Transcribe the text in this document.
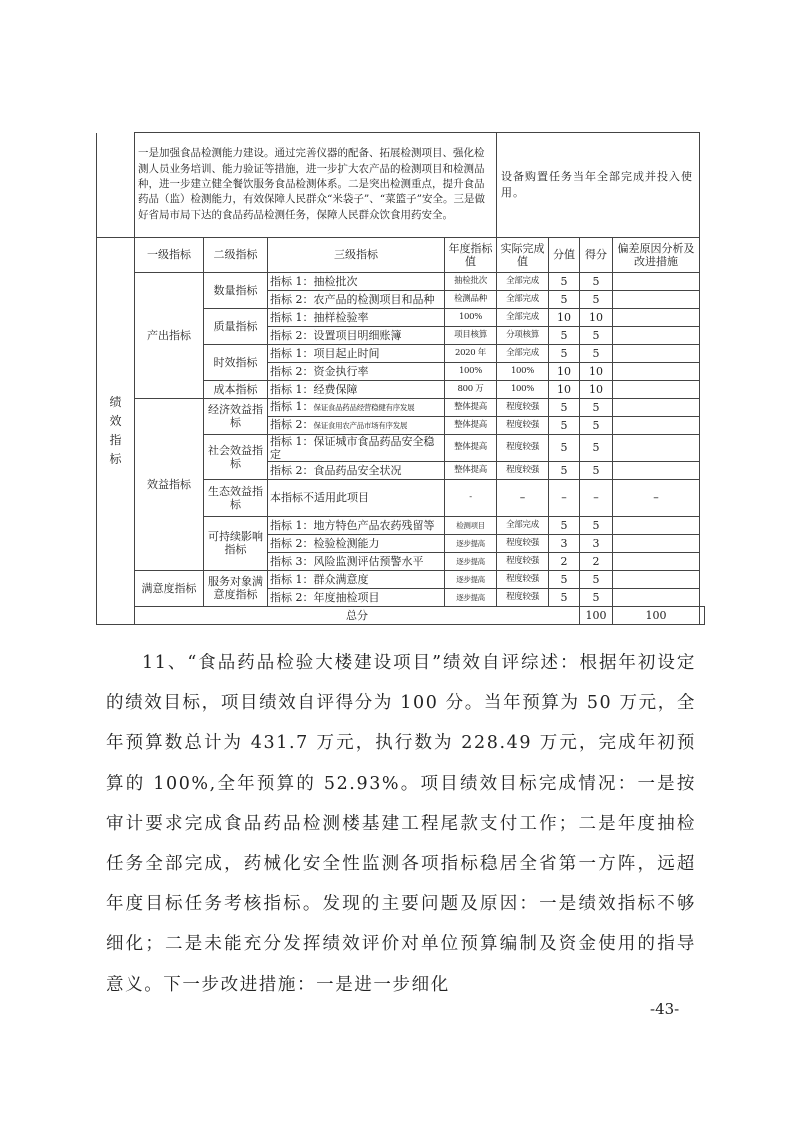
	一是加强食品检测能力建设。通过完善仪器的配备、拓展检测项目、强化检测人员业务培训、能力验证等措施，进一步扩大农产品的检测项目和检测品种，进一步建立健全餐饮服务食品检测体系。二是突出检测重点，提升食品药品（监）检测能力，有效保障人民群众“米袋子”、“菜篮子”安全。三是做好省局市局下达的食品药品检测任务，保障人民群众饮食用药安全。				设备购置任务当年全部完成并投入使用。				

绩
效
指
标	一级指标	二级指标	三级指标	年度指标值	实际完成值	分值	得分	偏差原因分析及改进措施	
	产出指标	数量指标	指标 1：抽检批次	抽检批次	全部完成	5	5		
			指标 2：农产品的检测项目和品种	检测品种	全部完成	5	5		
		质量指标	指标 1：抽样检验率	100%	全部完成	10	10		
			指标 2：设置项目明细账簿	项目核算	分项核算	5	5		
		时效指标	指标 1：项目起止时间	2020 年	全部完成	5	5		
			指标 2：资金执行率	100%	100%	10	10		
		成本指标	指标 1：经费保障	800 万	100%	10	10		
	效益指标	经济效益指标	指标 1：保证食品药品经营稳健有序发展	整体提高	程度较强	5	5		
			指标 2：保证食用农产品市场有序发展	整体提高	程度较强	5	5		
		社会效益指标	指标 1：保证城市食品药品安全稳定	整体提高	程度较强	5	5		
			指标 2：食品药品安全状况	整体提高	程度较强	5	5		
		生态效益指标	本指标不适用此项目	-	–	–	–	–	
		可持续影响指标	指标 1：地方特色产品农药残留等	检测项目	全部完成	5	5		
			指标 2：检验检测能力	逐步提高	程度较强	3	3		
			指标 3：风险监测评估预警水平	逐步提高	程度较强	2	2		
	满意度指标	服务对象满意度指标	指标 1：群众满意度	逐步提高	程度较强	5	5		
			指标 2：年度抽检项目	逐步提高	程度较强	5	5		
	总分						100	100	

11、“食品药品检验大楼建设项目”绩效自评综述：根据年初设定的绩效目标，项目绩效自评得分为 100 分。当年预算为 50 万元，全年预算数总计为 431.7 万元，执行数为 228.49 万元，完成年初预算的 100%,全年预算的 52.93%。项目绩效目标完成情况：一是按审计要求完成食品药品检测楼基建工程尾款支付工作；二是年度抽检任务全部完成，药械化安全性监测各项指标稳居全省第一方阵，远超年度目标任务考核指标。发现的主要问题及原因：一是绩效指标不够细化；二是未能充分发挥绩效评价对单位预算编制及资金使用的指导意义。下一步改进措施：一是进一步细化

-43-
